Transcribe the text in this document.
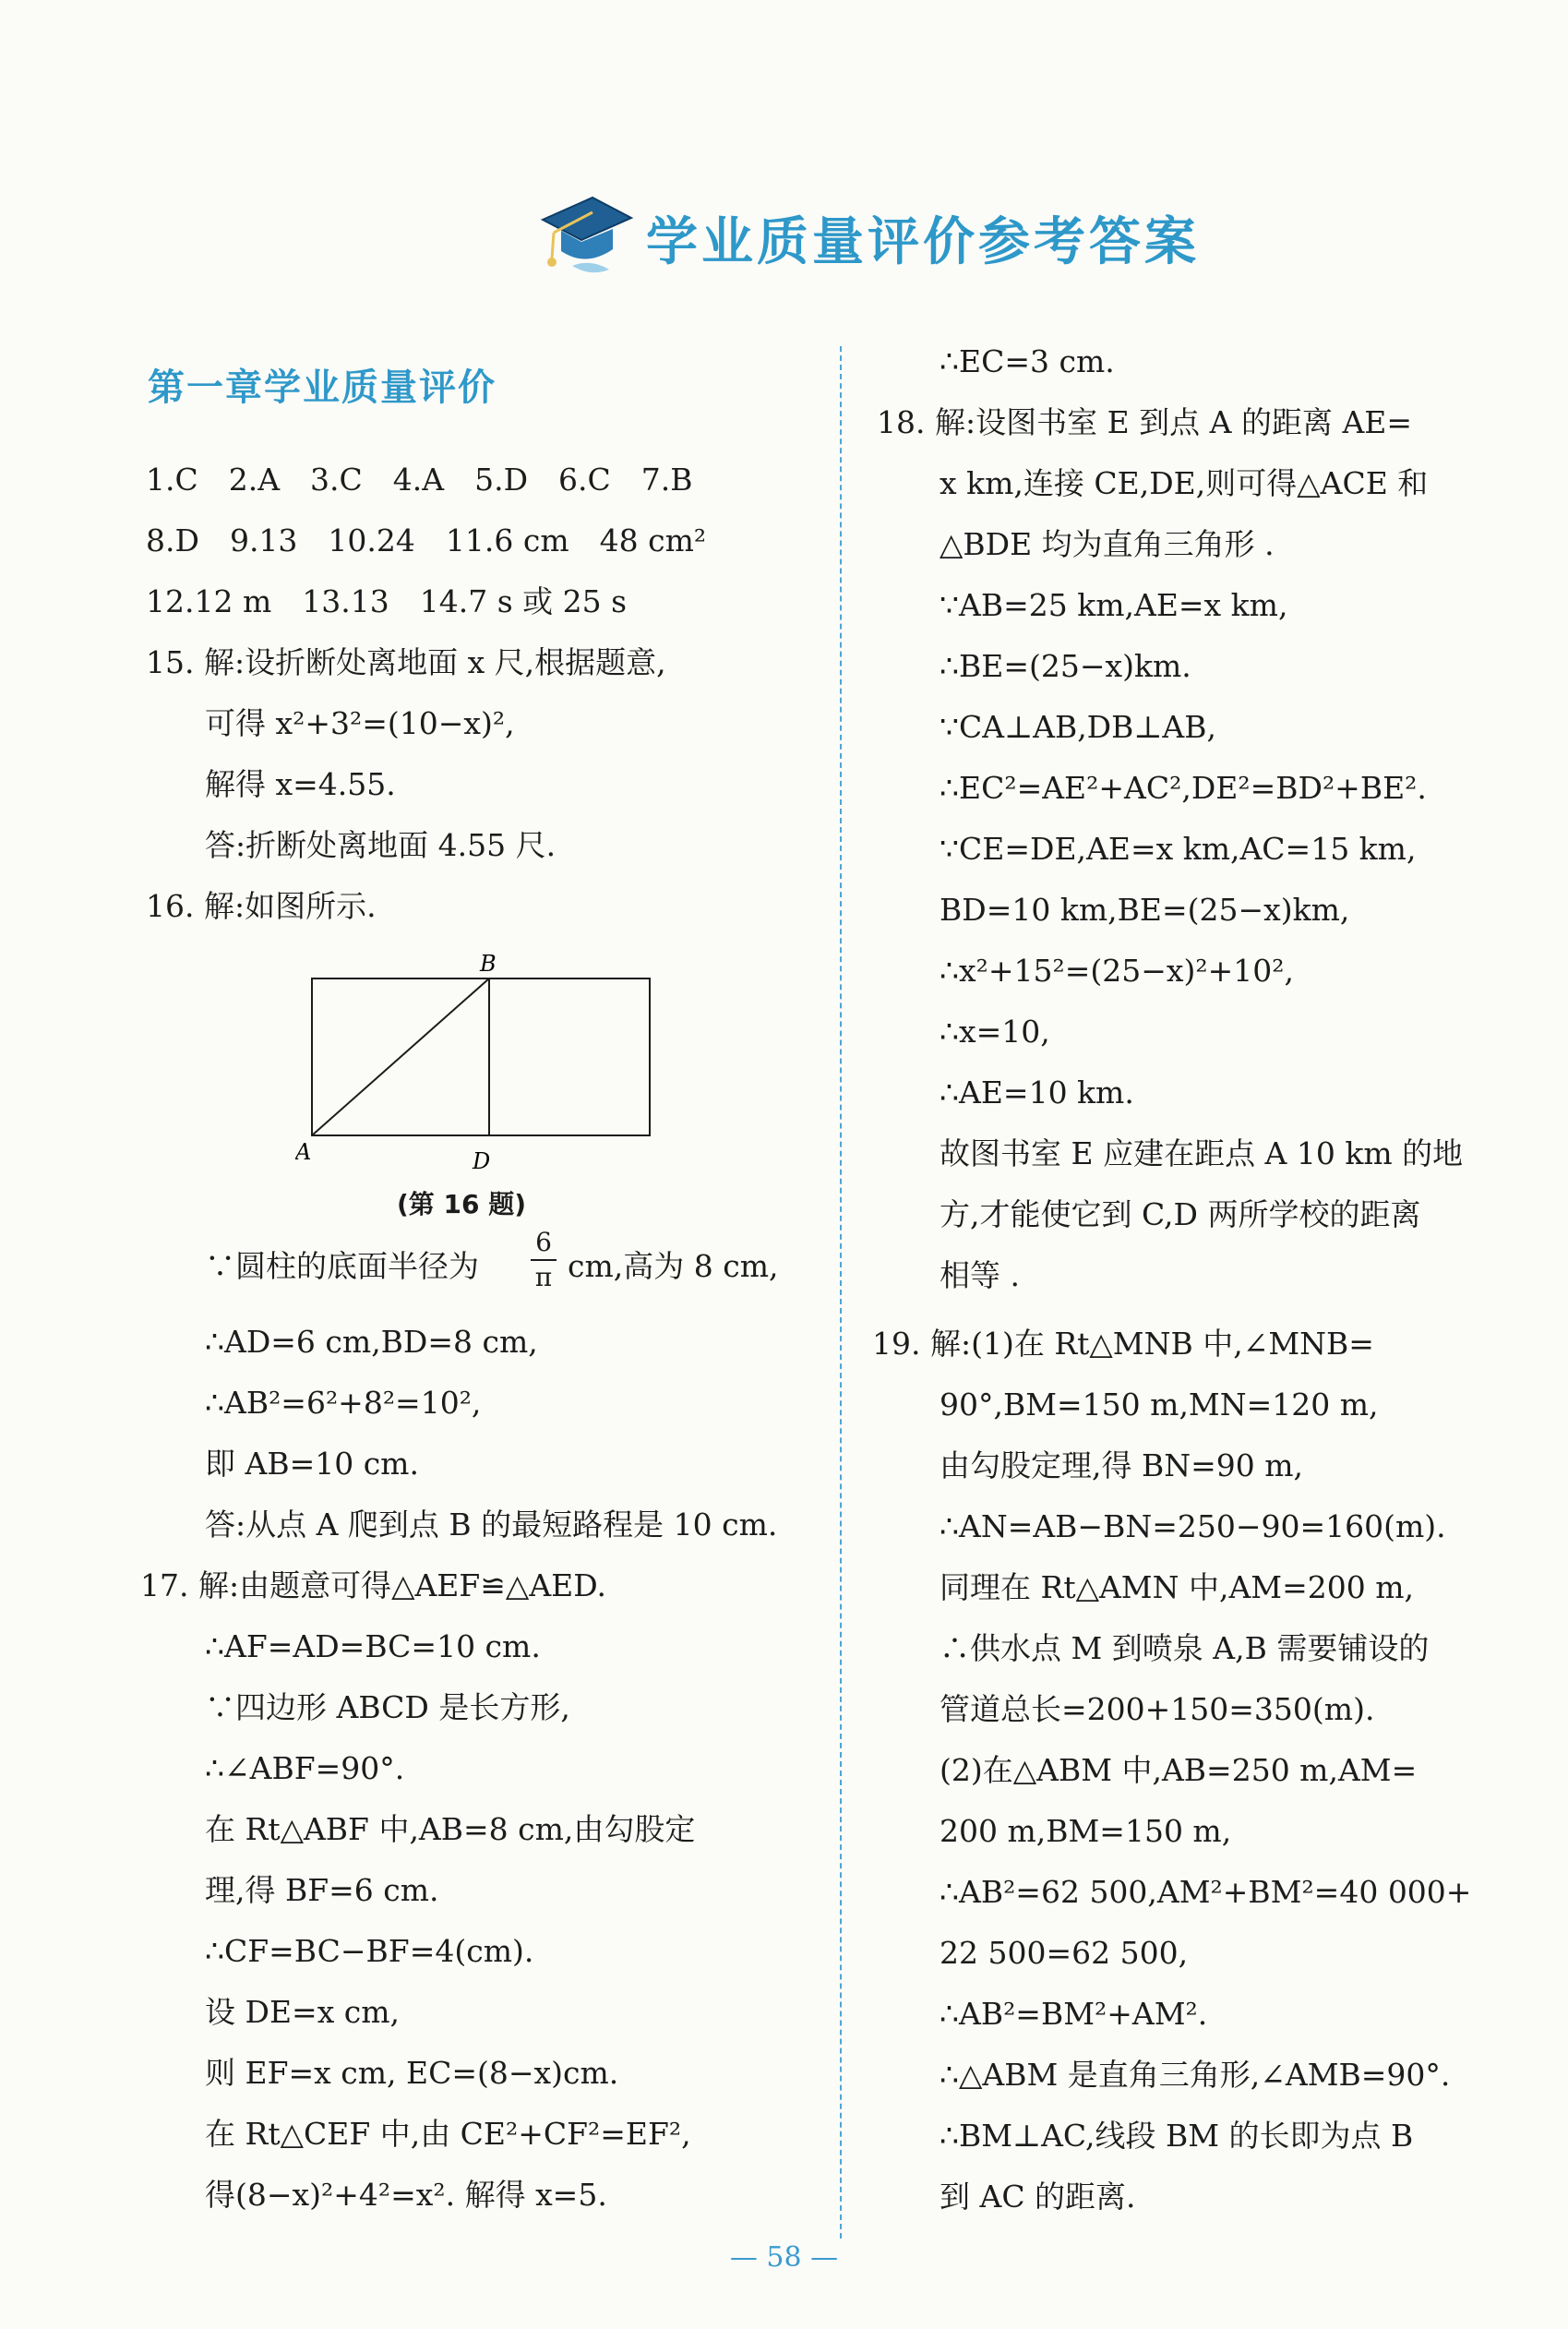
学业质量评价参考答案
第一章学业质量评价
1.C　2.A　3.C　4.A　5.D　6.C　7.B
8.D　9.13　10.24　11.6 cm　48 cm²
12.12 m　13.13　14.7 s 或 25 s
15. 解:设折断处离地面 x 尺,根据题意,
可得 x²+3²=(10−x)²,
解得 x=4.55.
答:折断处离地面 4.55 尺.
16. 解:如图所示.
B
A	D
(第 16 题)
∵圆柱的底面半径为
6
π cm,高为 8 cm,
∴AD=6 cm,BD=8 cm,
∴AB²=6²+8²=10²,
即 AB=10 cm.
答:从点 A 爬到点 B 的最短路程是 10 cm.
17. 解:由题意可得△AEF≌△AED.
∴AF=AD=BC=10 cm.
∵四边形 ABCD 是长方形,
∴∠ABF=90°.
在 Rt△ABF 中,AB=8 cm,由勾股定
理,得 BF=6 cm.
∴CF=BC−BF=4(cm).
设 DE=x cm,
则 EF=x cm, EC=(8−x)cm.
在 Rt△CEF 中,由 CE²+CF²=EF²,
得(8−x)²+4²=x². 解得 x=5.
∴EC=3 cm.
18. 解:设图书室 E 到点 A 的距离 AE=
x km,连接 CE,DE,则可得△ACE 和
△BDE 均为直角三角形 .
∵AB=25 km,AE=x km,
∴BE=(25−x)km.
∵CA⊥AB,DB⊥AB,
∴EC²=AE²+AC²,DE²=BD²+BE².
∵CE=DE,AE=x km,AC=15 km,
BD=10 km,BE=(25−x)km,
∴x²+15²=(25−x)²+10²,
∴x=10,
∴AE=10 km.
故图书室 E 应建在距点 A 10 km 的地
方,才能使它到 C,D 两所学校的距离
相等 .
19. 解:(1)在 Rt△MNB 中,∠MNB=
90°,BM=150 m,MN=120 m,
由勾股定理,得 BN=90 m,
∴AN=AB−BN=250−90=160(m).
同理在 Rt△AMN 中,AM=200 m,
∴供水点 M 到喷泉 A,B 需要铺设的
管道总长=200+150=350(m).
(2)在△ABM 中,AB=250 m,AM=
200 m,BM=150 m,
∴AB²=62 500,AM²+BM²=40 000+
22 500=62 500,
∴AB²=BM²+AM².
∴△ABM 是直角三角形,∠AMB=90°.
∴BM⊥AC,线段 BM 的长即为点 B
到 AC 的距离.
— 58 —
